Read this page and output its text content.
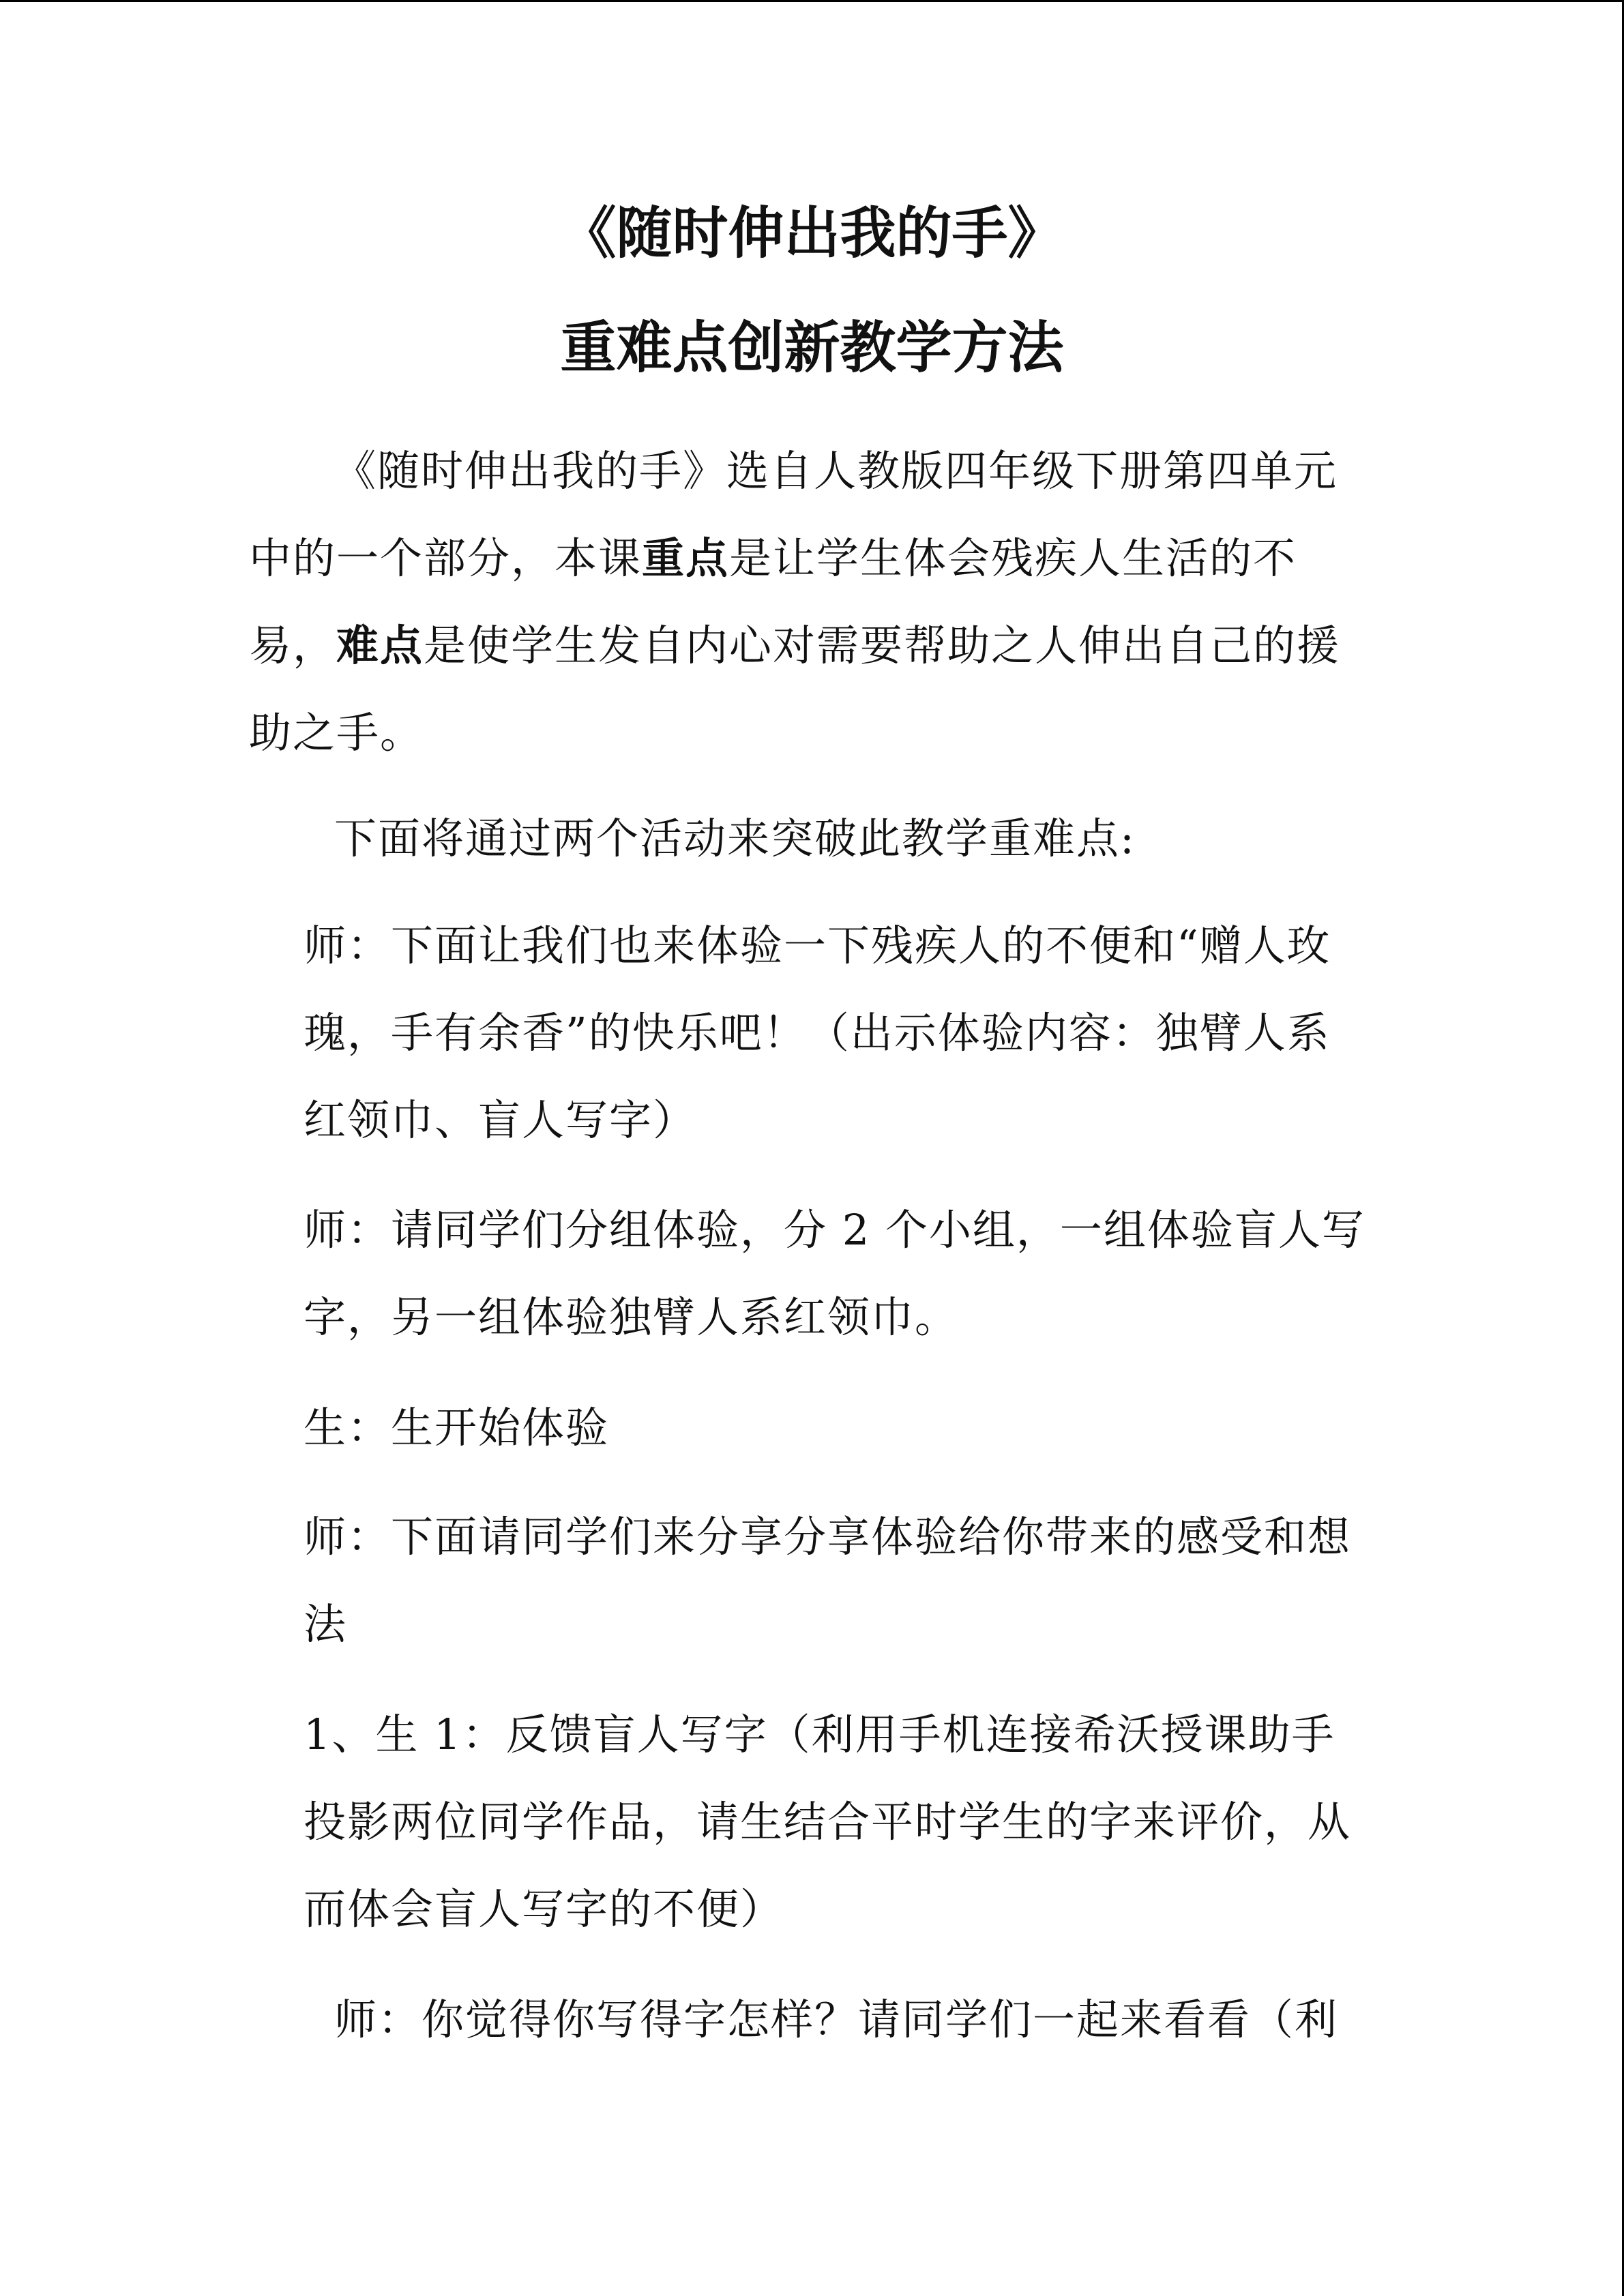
《随时伸出我的手》
重难点创新教学方法

《随时伸出我的手》选自人教版四年级下册第四单元中的一个部分，本课重点是让学生体会残疾人生活的不易，难点是使学生发自内心对需要帮助之人伸出自己的援助之手。

下面将通过两个活动来突破此教学重难点:

师：下面让我们也来体验一下残疾人的不便和“赠人玫瑰，手有余香”的快乐吧！（出示体验内容：独臂人系红领巾、盲人写字）

师：请同学们分组体验，分 2 个小组，一组体验盲人写字，另一组体验独臂人系红领巾。

生：生开始体验

师：下面请同学们来分享分享体验给你带来的感受和想法

1、生 1：反馈盲人写字（利用手机连接希沃授课助手投影两位同学作品，请生结合平时学生的字来评价，从而体会盲人写字的不便）

师：你觉得你写得字怎样？请同学们一起来看看（利
